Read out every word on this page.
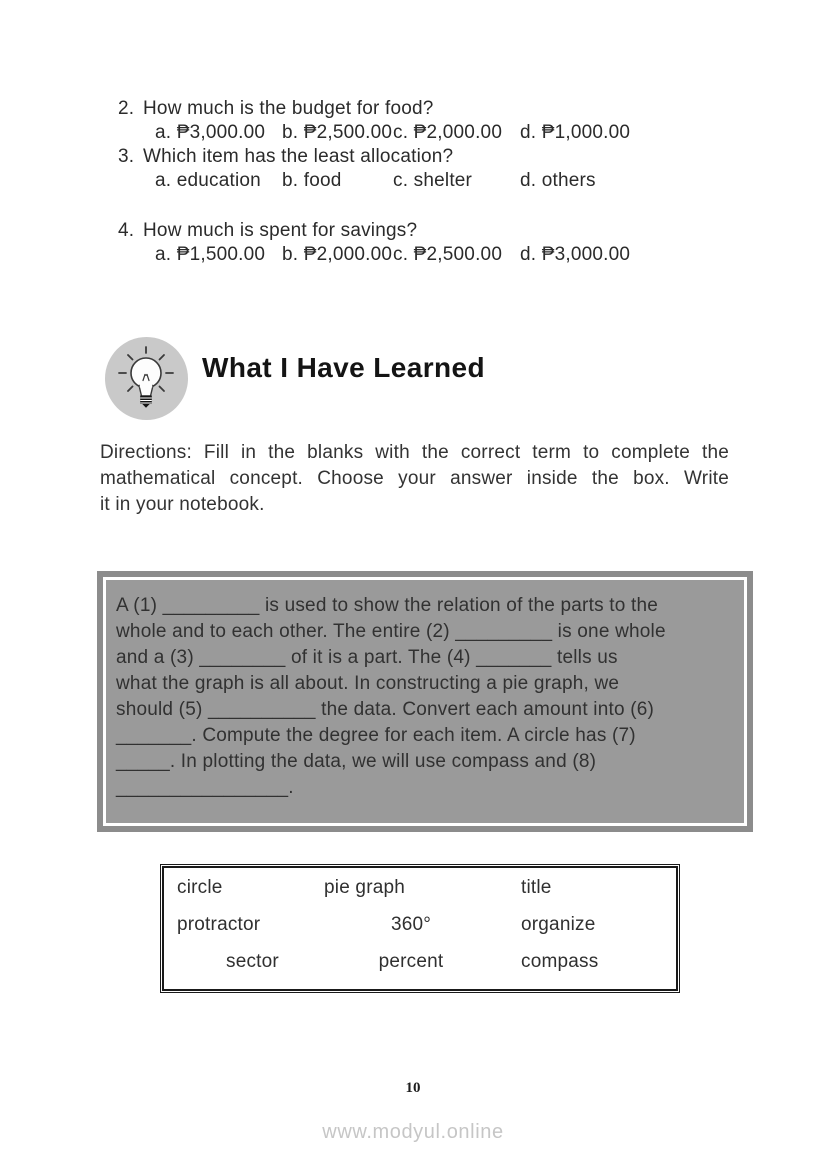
2. How much is the budget for food?
a. ₱3,000.00 b. ₱2,500.00 c. ₱2,000.00 d. ₱1,000.00
3. Which item has the least allocation?
a. education	b. food	c. shelter	d. others
4. How much is spent for savings?
a. ₱1,500.00 b. ₱2,000.00 c. ₱2,500.00 d. ₱3,000.00
What I Have Learned
Directions: Fill in the blanks with the correct term to complete the
mathematical concept. Choose your answer inside the box. Write
it in your notebook.
A (1) _________ is used to show the relation of the parts to the
whole and to each other. The entire (2) _________ is one whole
and a (3) ________ of it is a part. The (4) _______ tells us
what the graph is all about. In constructing a pie graph, we
should (5) __________ the data. Convert each amount into (6)
_______. Compute the degree for each item. A circle has (7)
_____. In plotting the data, we will use compass and (8)
________________.
circle	pie graph	title
protractor	360°	organize
sector	percent	compass
10
www.modyul.online
